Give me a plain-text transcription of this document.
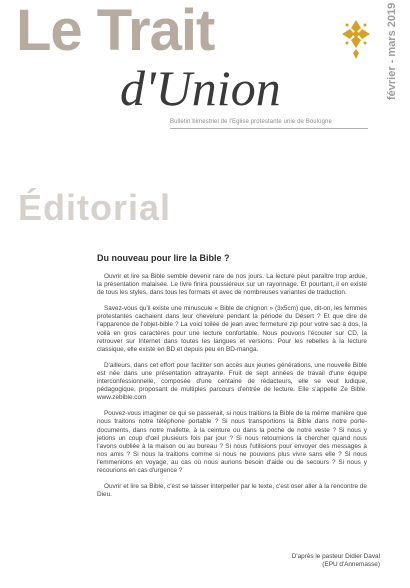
Le Trait
d'Union	février - mars 2019
Bulletin bimestriel de l'Eglise protestante unie de Boulogne
Éditorial
Du nouveau pour lire la Bible ?

Ouvrir et lire sa Bible semble devenir rare de nos jours. La lecture peut paraître trop ardue, la présentation malaisée. Le livre finira poussiéreux sur un rayonnage. Et pourtant, il en existe de tous les styles, dans tous les formats et avec de nombreuses variantes de traduction.

Savez-vous qu'il existe une minuscule « Bible de chignon » (3x5cm) que, dit-on, les femmes protestantes cachaient dans leur chevelure pendant la période du Désert ? Et que dire de l'apparence de l'objet-bible ? La voici toilée de jean avec fermeture zip pour votre sac à dos, la voilà en gros caractères pour une lecture confortable. Nous pouvons l'écouter sur CD, la retrouver sur Internet dans toutes les langues et versions. Pour les rebelles à la lecture classique, elle existe en BD et depuis peu en BD-manga.

D'ailleurs, dans cet effort pour faciliter son accès aux jeunes générations, une nouvelle Bible est née dans une présentation attrayante. Fruit de sept années de travail d'une équipe interconfessionnelle, composée d'une centaine de rédacteurs, elle se veut ludique, pédagogique, proposant de multiples parcours d'entrée de lecture. Elle s'appelle Ze Bible. www.zebible.com

Pouvez-vous imaginer ce qui se passerait, si nous traitions la Bible de la même manière que nous traitons notre téléphone portable ? Si nous transportions la Bible dans notre porte-documents, dans notre mallette, à la ceinture ou dans la poche de notre veste ? Si nous y jetions un coup d'œil plusieurs fois par jour ? Si nous retournions la chercher quand nous l'avons oubliée à la maison ou au bureau ? Si nous l'utilisions pour envoyer des messages à nos amis ? Si nous la traitions comme si nous ne pouvions plus vivre sans elle ? Si nous l'emmenions en voyage, au cas où nous aurions besoin d'aide ou de secours ? Si nous y recourions en cas d'urgence ?

Ouvrir et lire sa Bible, c'est se laisser interpeller par le texte, c'est oser aller à la rencontre de Dieu.

D'après le pasteur Didier Daval
(EPU d'Annemasse)
